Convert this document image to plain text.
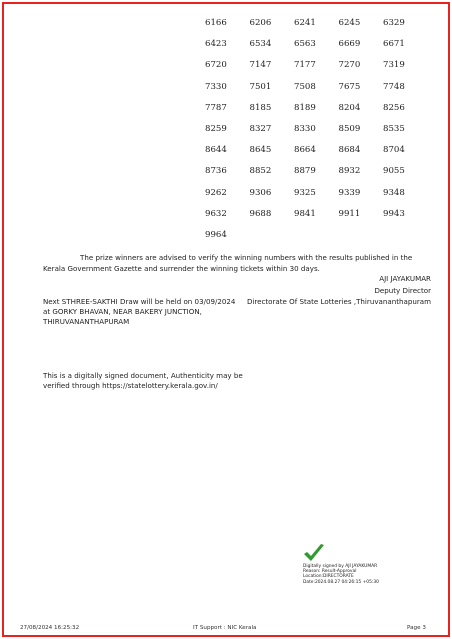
6166	6206	6241	6245	6329
6423	6534	6563	6669	6671
6720	7147	7177	7270	7319
7330	7501	7508	7675	7748
7787	8185	8189	8204	8256
8259	8327	8330	8509	8535
8644	8645	8664	8684	8704
8736	8852	8879	8932	9055
9262	9306	9325	9339	9348
9632	9688	9841	9911	9943
9964

The prize winners are advised to verify the winning numbers with the results published in the Kerala Government Gazette and surrender the winning tickets within 30 days.

AJI JAYAKUMAR
Deputy Director
Next STHREE-SAKTHI Draw will be held on 03/09/2024
at GORKY BHAVAN, NEAR BAKERY JUNCTION,
THIRUVANANTHAPURAM
Directorate Of State Lotteries ,Thiruvananthapuram
This is a digitally signed document, Authenticity may be
verified through https://statelottery.kerala.gov.in/
Digitally signed by AJI JAYAKUMAR
Reason: Result-Approval
Location:DIRECTORATE
Date:2024.08.27 04:26:15 +05:30
27/08/2024 16:25:32	IT Support : NIC Kerala	Page 3
